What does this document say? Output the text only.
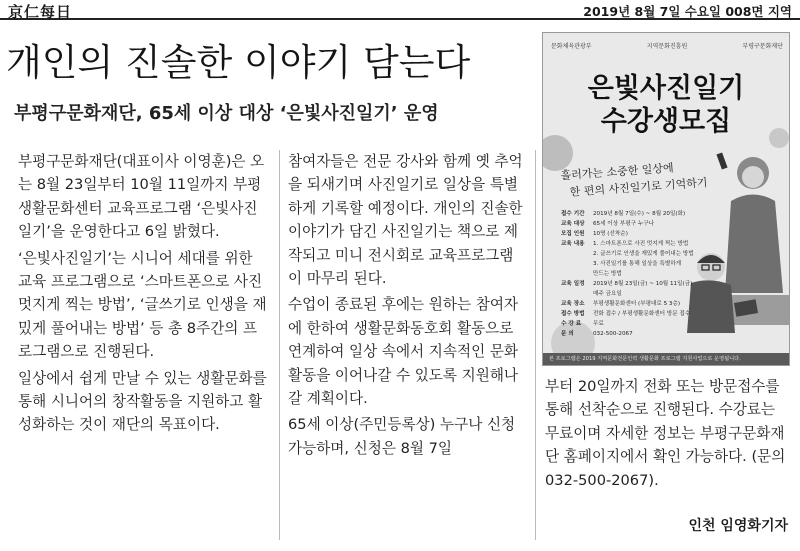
京仁每日	2019년 8월 7일 수요일 008면 지역
개인의 진솔한 이야기 담는다
부평구문화재단, 65세 이상 대상 ‘은빛사진일기’ 운영

부평구문화재단(대표이사 이영훈)은 오는 8월 23일부터 10월 11일까지 부평생활문화센터 교육프로그램 ‘은빛사진일기’을 운영한다고 6일 밝혔다.

‘은빛사진일기’는 시니어 세대를 위한 교육 프로그램으로 ‘스마트폰으로 사진 멋지게 찍는 방법’, ‘글쓰기로 인생을 재밌게 풀어내는 방법’ 등 총 8주간의 프로그램으로 진행된다.

일상에서 쉽게 만날 수 있는 생활문화를 통해 시니어의 창작활동을 지원하고 활성화하는 것이 재단의 목표이다.

참여자들은 전문 강사와 함께 옛 추억을 되새기며 사진일기로 일상을 특별하게 기록할 예정이다. 개인의 진솔한 이야기가 담긴 사진일기는 책으로 제작되고 미니 전시회로 교육프로그램이 마무리 된다.

수업이 종료된 후에는 원하는 참여자에 한하여 생활문화동호회 활동으로 연계하여 일상 속에서 지속적인 문화 활동을 이어나갈 수 있도록 지원해나갈 계획이다.

65세 이상(주민등록상) 누구나 신청 가능하며, 신청은 8월 7일

문화체육관광부	지역문화진흥원	부평구문화재단
은빛사진일기
수강생모집
흘러가는 소중한 일상에
한 편의 사진일기로 기억하기
접수 기간	2019년 8월 7일(수) ~ 8월 20일(화)
교육 대상	65세 이상 부평구 누구나
모집 인원	10명 (선착순)
교육 내용	1. 스마트폰으로 사진 멋지게 찍는 방법
2. 글쓰기로 인생을 재밌게 풀어내는 방법
3. 사진일기를 통해 일상을 특별하게
만드는 방법
교육 일정	2019년 8월 23일(금) ~ 10월 11일(금)
매주 금요일
교육 장소	부평생활문화센터 (부평대로 5 3층)
접수 방법	전화 접수 / 부평생활문화센터 방문 접수
수 강 료	무료
문 의	032-500-2067
본 프로그램은 2019 지역문화전문인력 생활문화 프로그램 지원사업으로 운영됩니다.

부터 20일까지 전화 또는 방문접수를 통해 선착순으로 진행된다. 수강료는 무료이며 자세한 정보는 부평구문화재단 홈페이지에서 확인 가능하다. (문의 032-500-2067).

인천 임영화기자
